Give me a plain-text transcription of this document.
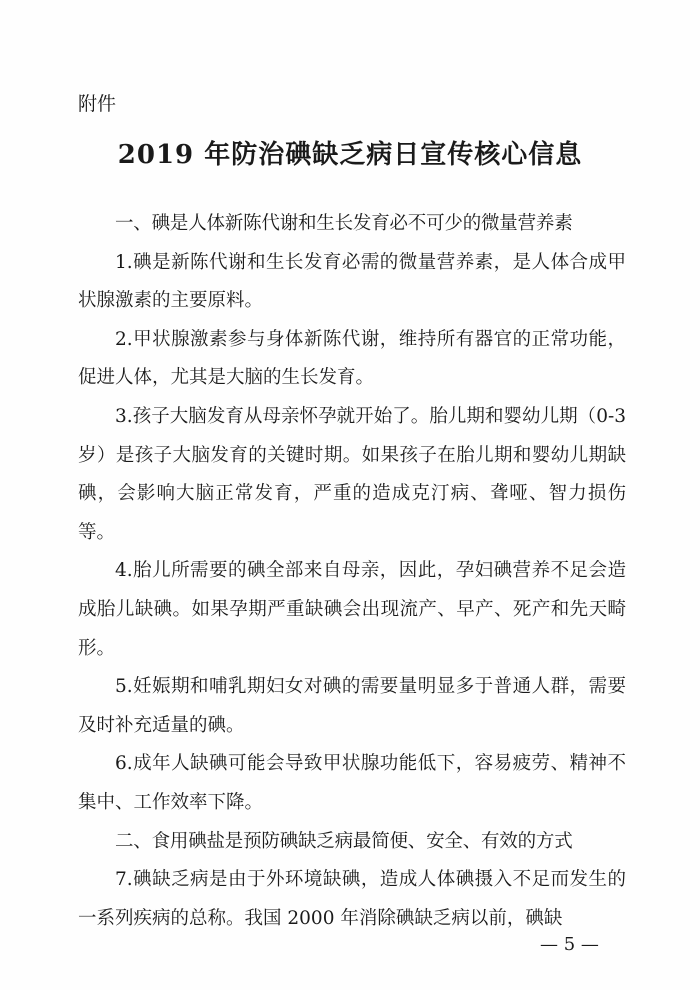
附件
2019 年防治碘缺乏病日宣传核心信息

一、碘是人体新陈代谢和生长发育必不可少的微量营养素

1.碘是新陈代谢和生长发育必需的微量营养素，是人体合成甲状腺激素的主要原料。

2.甲状腺激素参与身体新陈代谢，维持所有器官的正常功能，促进人体，尤其是大脑的生长发育。

3.孩子大脑发育从母亲怀孕就开始了。胎儿期和婴幼儿期（0-3 岁）是孩子大脑发育的关键时期。如果孩子在胎儿期和婴幼儿期缺碘，会影响大脑正常发育，严重的造成克汀病、聋哑、智力损伤等。

4.胎儿所需要的碘全部来自母亲，因此，孕妇碘营养不足会造成胎儿缺碘。如果孕期严重缺碘会出现流产、早产、死产和先天畸形。

5.妊娠期和哺乳期妇女对碘的需要量明显多于普通人群，需要及时补充适量的碘。

6.成年人缺碘可能会导致甲状腺功能低下，容易疲劳、精神不集中、工作效率下降。

二、食用碘盐是预防碘缺乏病最简便、安全、有效的方式

7.碘缺乏病是由于外环境缺碘，造成人体碘摄入不足而发生的一系列疾病的总称。我国 2000 年消除碘缺乏病以前，碘缺

— 5 —
